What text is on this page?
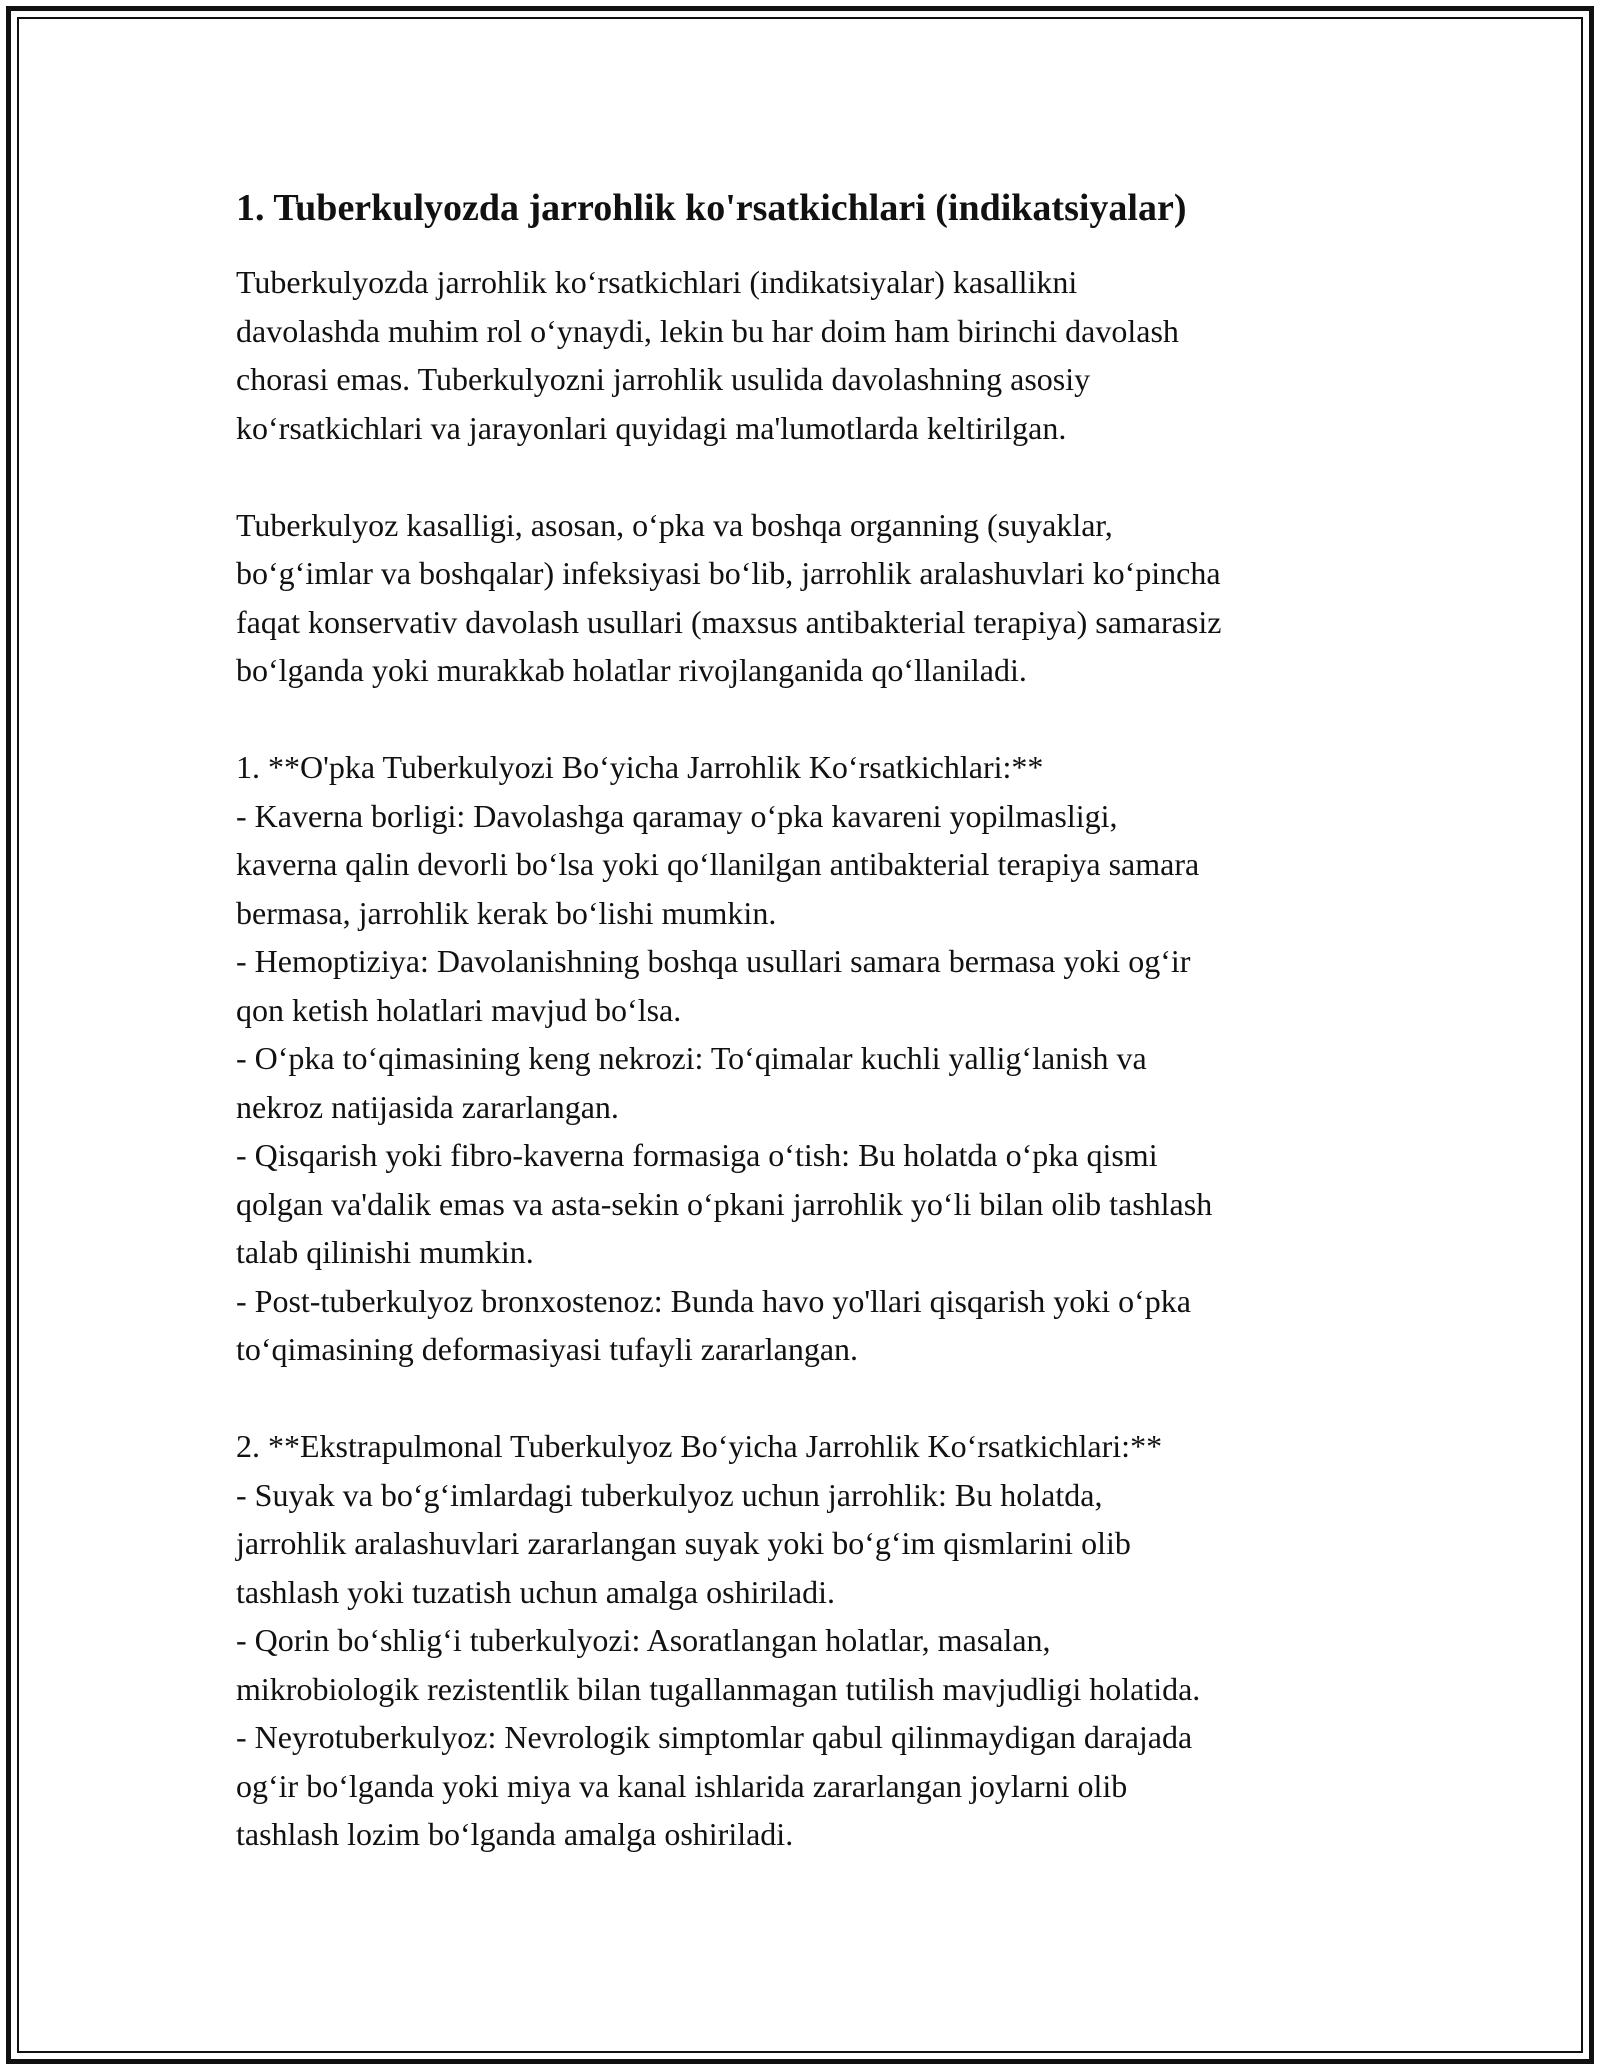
1. Tuberkulyozda jarrohlik ko'rsatkichlari (indikatsiyalar)

Tuberkulyozda jarrohlik ko‘rsatkichlari (indikatsiyalar) kasallikni
davolashda muhim rol o‘ynaydi, lekin bu har doim ham birinchi davolash
chorasi emas. Tuberkulyozni jarrohlik usulida davolashning asosiy
ko‘rsatkichlari va jarayonlari quyidagi ma'lumotlarda keltirilgan.

Tuberkulyoz kasalligi, asosan, o‘pka va boshqa organning (suyaklar,
bo‘g‘imlar va boshqalar) infeksiyasi bo‘lib, jarrohlik aralashuvlari ko‘pincha
faqat konservativ davolash usullari (maxsus antibakterial terapiya) samarasiz
bo‘lganda yoki murakkab holatlar rivojlanganida qo‘llaniladi.

1. **O'pka Tuberkulyozi Bo‘yicha Jarrohlik Ko‘rsatkichlari:**
- Kaverna borligi: Davolashga qaramay o‘pka kavareni yopilmasligi,
kaverna qalin devorli bo‘lsa yoki qo‘llanilgan antibakterial terapiya samara
bermasa, jarrohlik kerak bo‘lishi mumkin.
- Hemoptiziya: Davolanishning boshqa usullari samara bermasa yoki og‘ir
qon ketish holatlari mavjud bo‘lsa.
- O‘pka to‘qimasining keng nekrozi: To‘qimalar kuchli yallig‘lanish va
nekroz natijasida zararlangan.
- Qisqarish yoki fibro-kaverna formasiga o‘tish: Bu holatda o‘pka qismi
qolgan va'dalik emas va asta-sekin o‘pkani jarrohlik yo‘li bilan olib tashlash
talab qilinishi mumkin.
- Post-tuberkulyoz bronxostenoz: Bunda havo yo'llari qisqarish yoki o‘pka
to‘qimasining deformasiyasi tufayli zararlangan.

2. **Ekstrapulmonal Tuberkulyoz Bo‘yicha Jarrohlik Ko‘rsatkichlari:**
- Suyak va bo‘g‘imlardagi tuberkulyoz uchun jarrohlik: Bu holatda,
jarrohlik aralashuvlari zararlangan suyak yoki bo‘g‘im qismlarini olib
tashlash yoki tuzatish uchun amalga oshiriladi.
- Qorin bo‘shlig‘i tuberkulyozi: Asoratlangan holatlar, masalan,
mikrobiologik rezistentlik bilan tugallanmagan tutilish mavjudligi holatida.
- Neyrotuberkulyoz: Nevrologik simptomlar qabul qilinmaydigan darajada
og‘ir bo‘lganda yoki miya va kanal ishlarida zararlangan joylarni olib
tashlash lozim bo‘lganda amalga oshiriladi.
